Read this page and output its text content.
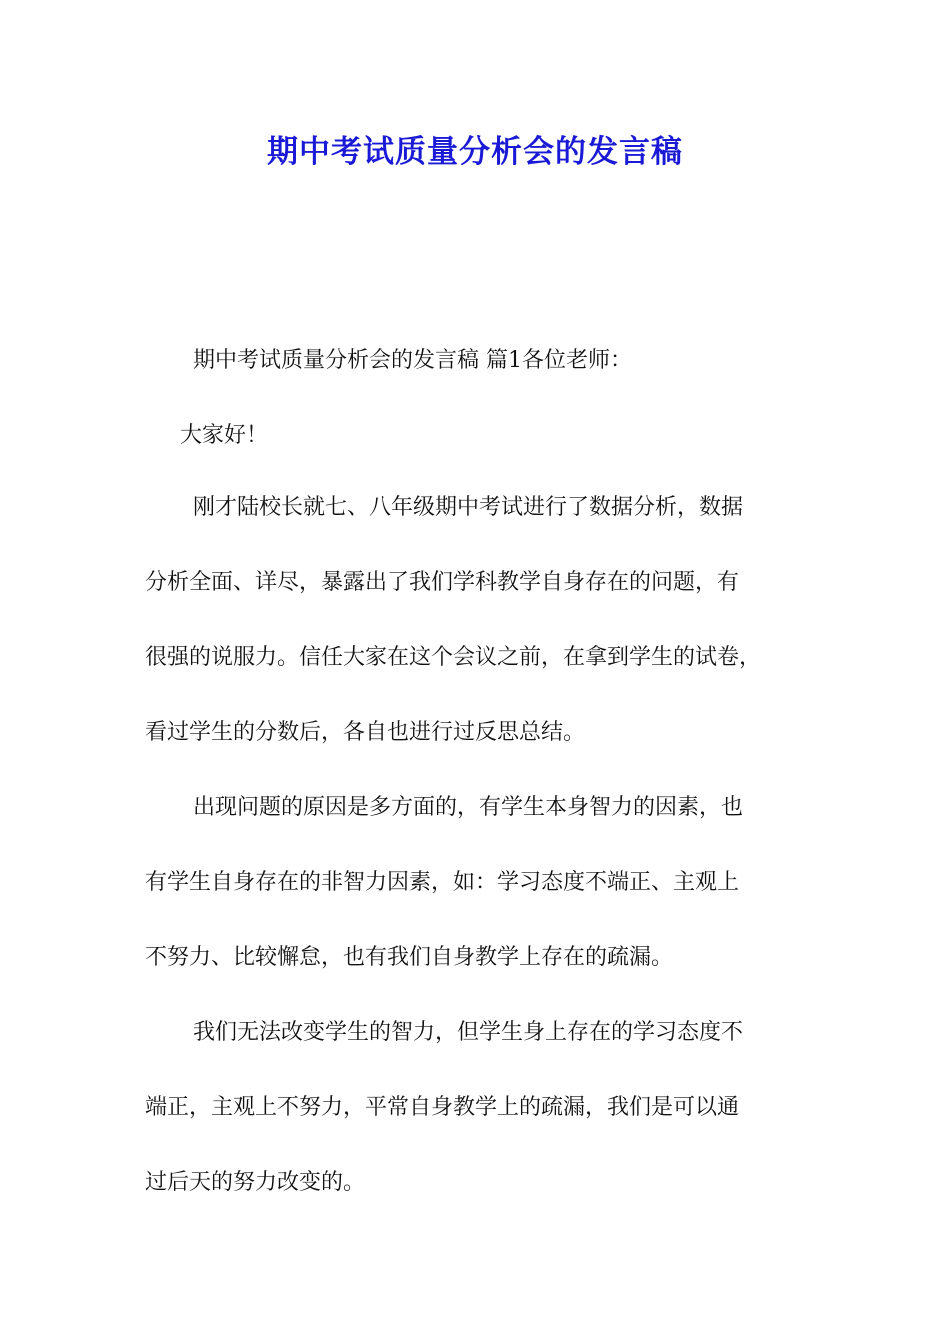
期中考试质量分析会的发言稿
期中考试质量分析会的发言稿 篇1各位老师：
大家好！
刚才陆校长就七、八年级期中考试进行了数据分析，数据
分析全面、详尽，暴露出了我们学科教学自身存在的问题，有
很强的说服力。信任大家在这个会议之前，在拿到学生的试卷，
看过学生的分数后，各自也进行过反思总结。
出现问题的原因是多方面的，有学生本身智力的因素，也
有学生自身存在的非智力因素，如：学习态度不端正、主观上
不努力、比较懈怠，也有我们自身教学上存在的疏漏。
我们无法改变学生的智力，但学生身上存在的学习态度不
端正，主观上不努力，平常自身教学上的疏漏，我们是可以通
过后天的努力改变的。
